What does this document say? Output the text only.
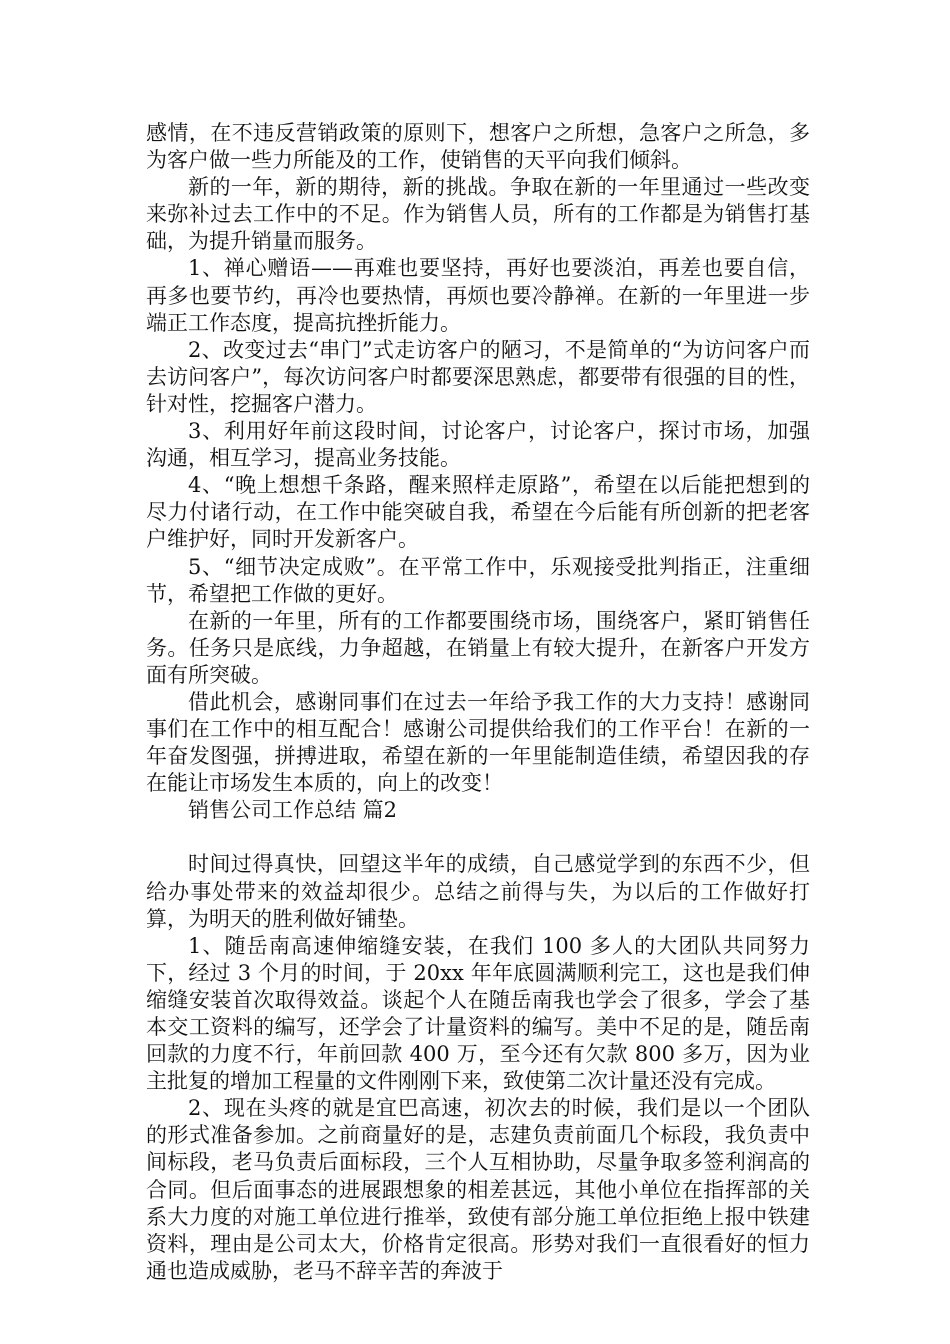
感情，在不违反营销政策的原则下，想客户之所想，急客户之所急，多为客户做一些力所能及的工作，使销售的天平向我们倾斜。

新的一年，新的期待，新的挑战。争取在新的一年里通过一些改变来弥补过去工作中的不足。作为销售人员，所有的工作都是为销售打基础，为提升销量而服务。

1、禅心赠语——再难也要坚持，再好也要淡泊，再差也要自信，再多也要节约，再冷也要热情，再烦也要冷静禅。在新的一年里进一步端正工作态度，提高抗挫折能力。

2、改变过去“串门”式走访客户的陋习，不是简单的“为访问客户而去访问客户”，每次访问客户时都要深思熟虑，都要带有很强的目的性，针对性，挖掘客户潜力。

3、利用好年前这段时间，讨论客户，讨论客户，探讨市场，加强沟通，相互学习，提高业务技能。

4、“晚上想想千条路，醒来照样走原路”，希望在以后能把想到的尽力付诸行动，在工作中能突破自我，希望在今后能有所创新的把老客户维护好，同时开发新客户。

5、“细节决定成败”。在平常工作中，乐观接受批判指正，注重细节，希望把工作做的更好。

在新的一年里，所有的工作都要围绕市场，围绕客户，紧盯销售任务。任务只是底线，力争超越，在销量上有较大提升，在新客户开发方面有所突破。

借此机会，感谢同事们在过去一年给予我工作的大力支持！感谢同事们在工作中的相互配合！感谢公司提供给我们的工作平台！在新的一年奋发图强，拼搏进取，希望在新的一年里能制造佳绩，希望因我的存在能让市场发生本质的，向上的改变！

销售公司工作总结 篇2

时间过得真快，回望这半年的成绩，自己感觉学到的东西不少，但给办事处带来的效益却很少。总结之前得与失，为以后的工作做好打算，为明天的胜利做好铺垫。

1、随岳南高速伸缩缝安装，在我们 100 多人的大团队共同努力下，经过 3 个月的时间，于 20xx 年年底圆满顺利完工，这也是我们伸缩缝安装首次取得效益。谈起个人在随岳南我也学会了很多，学会了基本交工资料的编写，还学会了计量资料的编写。美中不足的是，随岳南回款的力度不行，年前回款 400 万，至今还有欠款 800 多万，因为业主批复的增加工程量的文件刚刚下来，致使第二次计量还没有完成。

2、现在头疼的就是宜巴高速，初次去的时候，我们是以一个团队的形式准备参加。之前商量好的是，志建负责前面几个标段，我负责中间标段，老马负责后面标段，三个人互相协助，尽量争取多签利润高的合同。但后面事态的进展跟想象的相差甚远，其他小单位在指挥部的关系大力度的对施工单位进行推举，致使有部分施工单位拒绝上报中铁建资料，理由是公司太大，价格肯定很高。形势对我们一直很看好的恒力通也造成威胁，老马不辞辛苦的奔波于
